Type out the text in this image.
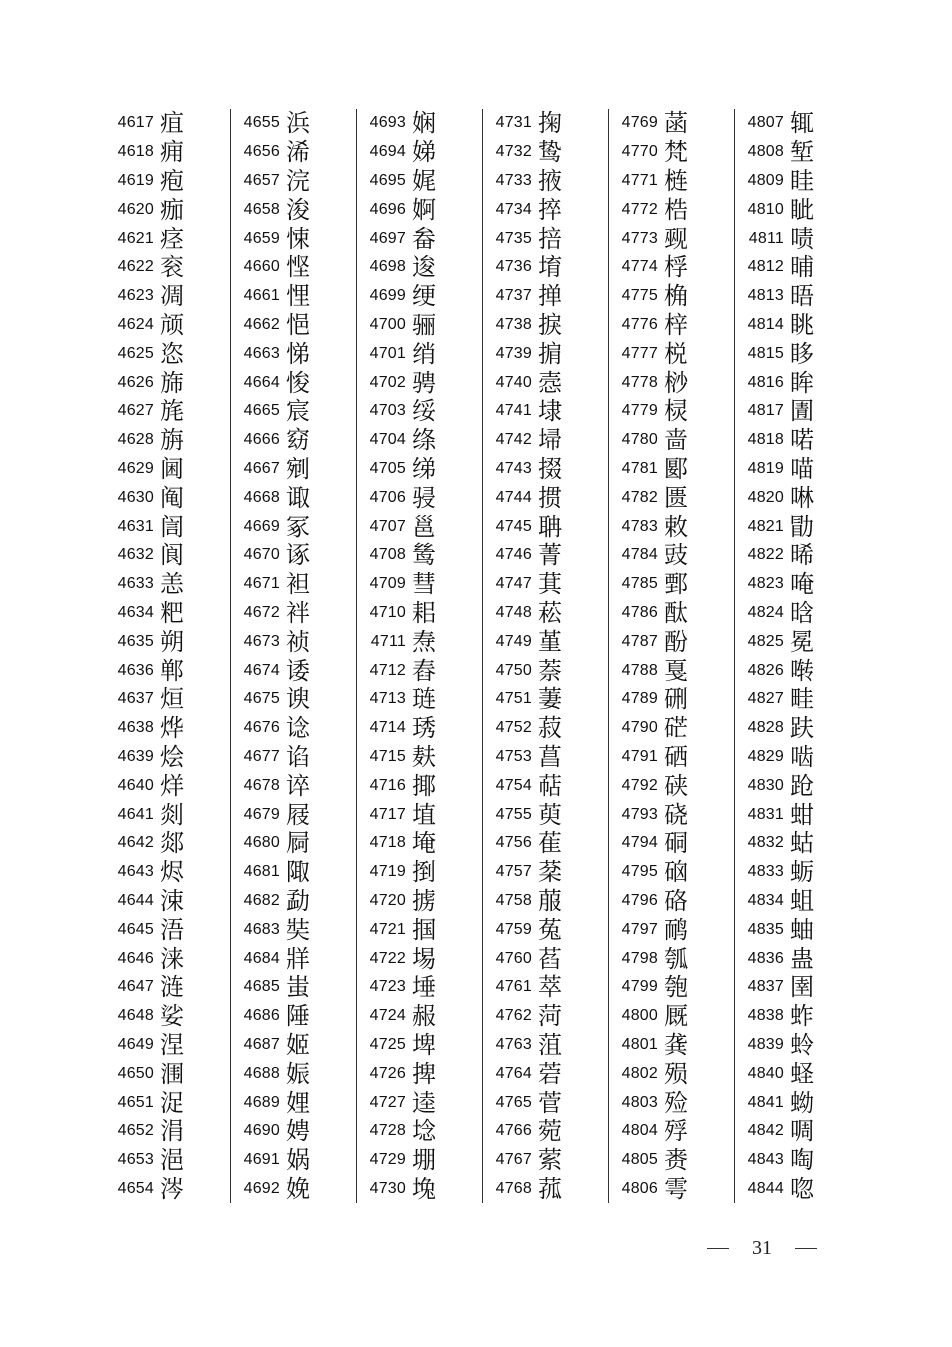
4617 疽
4618 痈
4619 疱
4620 痂
4621 痉
4622 衮
4623 凋
4624 颃
4625 恣
4626 旆
4627 旄
4628 旃
4629 阃
4630 阄
4631 訚
4632 阆
4633 恙
4634 粑
4635 朔
4636 郸
4637 烜
4638 烨
4639 烩
4640 烊
4641 剡
4642 郯
4643 烬
4644 涑
4645 浯
4646 涞
4647 涟
4648 娑
4649 涅
4650 涠
4651 浞
4652 涓
4653 浥
4654 涔
4655 浜
4656 浠
4657 浣
4658 浚
4659 悚
4660 悭
4661 悝
4662 悒
4663 悌
4664 悛
4665 宸
4666 窈
4667 剜
4668 诹
4669 冢
4670 诼
4671 袒
4672 袢
4673 祯
4674 诿
4675 谀
4676 谂
4677 谄
4678 谇
4679 屐
4680 屙
4681 陬
4682 勐
4683 奘
4684 牂
4685 蚩
4686 陲
4687 姬
4688 娠
4689 娌
4690 娉
4691 娲
4692 娩
4693 娴
4694 娣
4695 娓
4696 婀
4697 畚
4698 逡
4699 绠
4700 骊
4701 绡
4702 骋
4703 绥
4704 绦
4705 绨
4706 骎
4707 邕
4708 鸶
4709 彗
4710 耜
4711 焘
4712 舂
4713 琏
4714 琇
4715 麸
4716 揶
4717 埴
4718 埯
4719 捯
4720 掳
4721 掴
4722 埸
4723 埵
4724 赧
4725 埤
4726 捭
4727 逵
4728 埝
4729 堋
4730 堍
4731 掬
4732 鸷
4733 掖
4734 捽
4735 掊
4736 堉
4737 掸
4738 捩
4739 掮
4740 悫
4741 埭
4742 埽
4743 掇
4744 掼
4745 聃
4746 菁
4747 萁
4748 菘
4749 堇
4750 萘
4751 萋
4752 菽
4753 菖
4754 萜
4755 萸
4756 萑
4757 棻
4758 菔
4759 菟
4760 萏
4761 萃
4762 菏
4763 菹
4764 菪
4765 菅
4766 菀
4767 萦
4768 菰
4769 菡
4770 梵
4771 梿
4772 梏
4773 觋
4774 桴
4775 桷
4776 梓
4777 棁
4778 桫
4779 棂
4780 啬
4781 郾
4782 匮
4783 敕
4784 豉
4785 鄄
4786 酞
4787 酚
4788 戛
4789 硎
4790 硭
4791 硒
4792 硖
4793 硗
4794 硐
4795 硇
4796 硌
4797 鸸
4798 瓠
4799 匏
4800 厩
4801 龚
4802 殒
4803 殓
4804 殍
4805 赉
4806 雩
4807 辄
4808 堑
4809 眭
4810 眦
4811 啧
4812 晡
4813 晤
4814 眺
4815 眵
4816 眸
4817 圊
4818 喏
4819 喵
4820 啉
4821 勖
4822 晞
4823 唵
4824 晗
4825 冕
4826 啭
4827 畦
4828 趺
4829 啮
4830 跄
4831 蚶
4832 蛄
4833 蛎
4834 蛆
4835 蚰
4836 蛊
4837 圉
4838 蚱
4839 蛉
4840 蛏
4841 蚴
4842 啁
4843 啕
4844 唿
31
